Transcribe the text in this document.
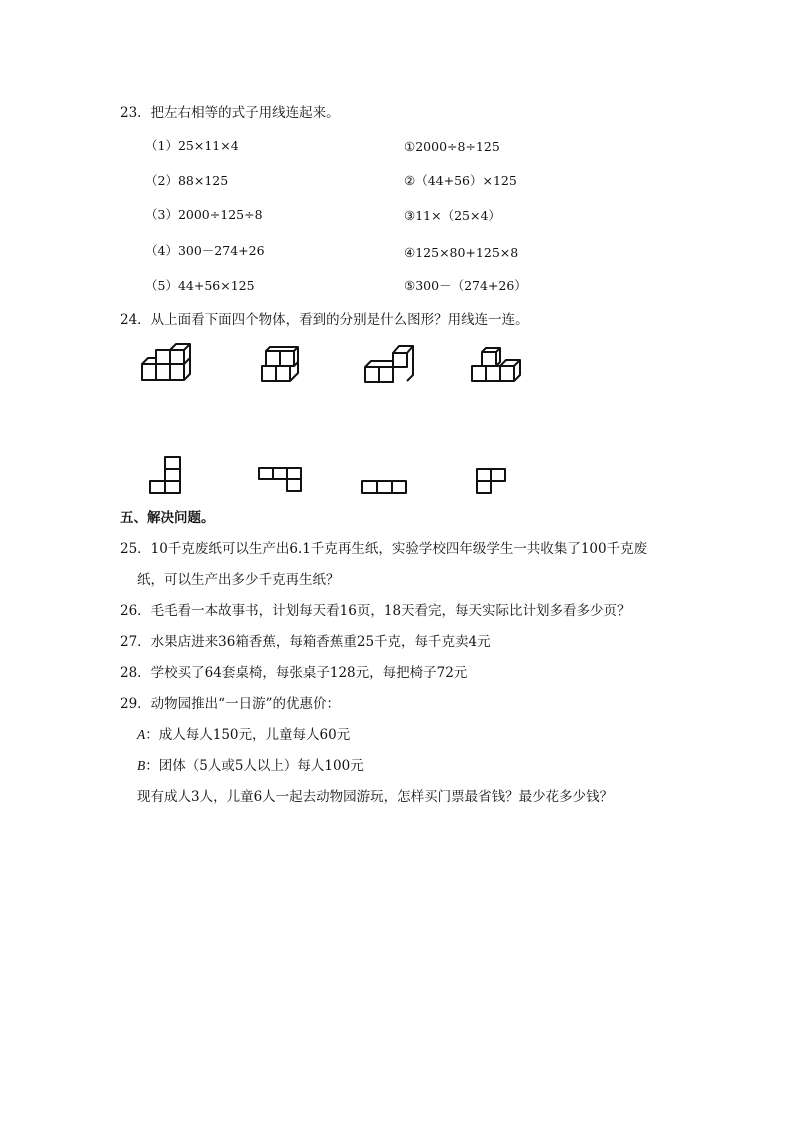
23．把左右相等的式子用线连起来。
（1）25×11×4
（2）88×125
（3）2000÷125÷8
（4）300－274+26
（5）44+56×125
①2000÷8÷125
②（44+56）×125
③11×（25×4）
④125×80+125×8
⑤300－（274+26）
24．从上面看下面四个物体，看到的分别是什么图形？用线连一连。
五、解决问题。
25．10千克废纸可以生产出6.1千克再生纸，实验学校四年级学生一共收集了100千克废
纸，可以生产出多少千克再生纸？
26．毛毛看一本故事书，计划每天看16页，18天看完，每天实际比计划多看多少页？
27．水果店进来36箱香蕉，每箱香蕉重25千克，每千克卖4元
28．学校买了64套桌椅，每张桌子128元，每把椅子72元
29．动物园推出“一日游”的优惠价：
A：成人每人150元，儿童每人60元
B：团体（5人或5人以上）每人100元
现有成人3人，儿童6人一起去动物园游玩，怎样买门票最省钱？最少花多少钱？
